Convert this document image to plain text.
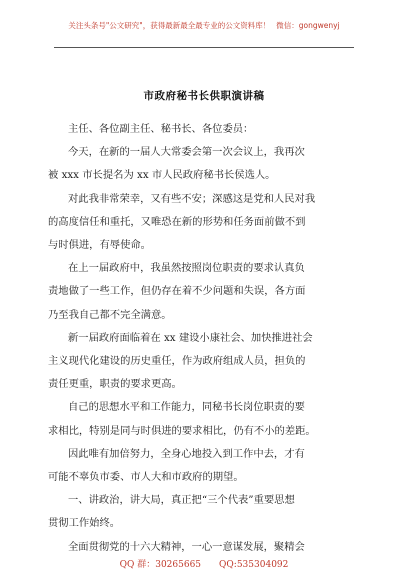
关注头条号"公文研究"，获得最新最全最专业的公文资料库！ 微信：gongwenyj
市政府秘书长供职演讲稿

主任、各位副主任、秘书长、各位委员：

今天，在新的一届人大常委会第一次会议上，我再次
被 xxx 市长提名为 xx 市人民政府秘书长侯选人。

对此我非常荣幸，又有些不安；深感这是党和人民对我
的高度信任和重托，又唯恐在新的形势和任务面前做不到
与时俱进，有辱使命。

在上一届政府中，我虽然按照岗位职责的要求认真负
责地做了一些工作，但仍存在着不少问题和失误，各方面
乃至我自己都不完全满意。

新一届政府面临着在 xx 建设小康社会、加快推进社会
主义现代化建设的历史重任，作为政府组成人员，担负的
责任更重，职责的要求更高。

自己的思想水平和工作能力，同秘书长岗位职责的要
求相比，特别是同与时俱进的要求相比，仍有不小的差距。

因此唯有加倍努力，全身心地投入到工作中去，才有
可能不辜负市委、市人大和市政府的期望。

一、讲政治，讲大局，真正把“三个代表”重要思想
贯彻工作始终。

全面贯彻党的十六大精神，一心一意谋发展，聚精会

QQ 群：30265665 QQ:535304092
